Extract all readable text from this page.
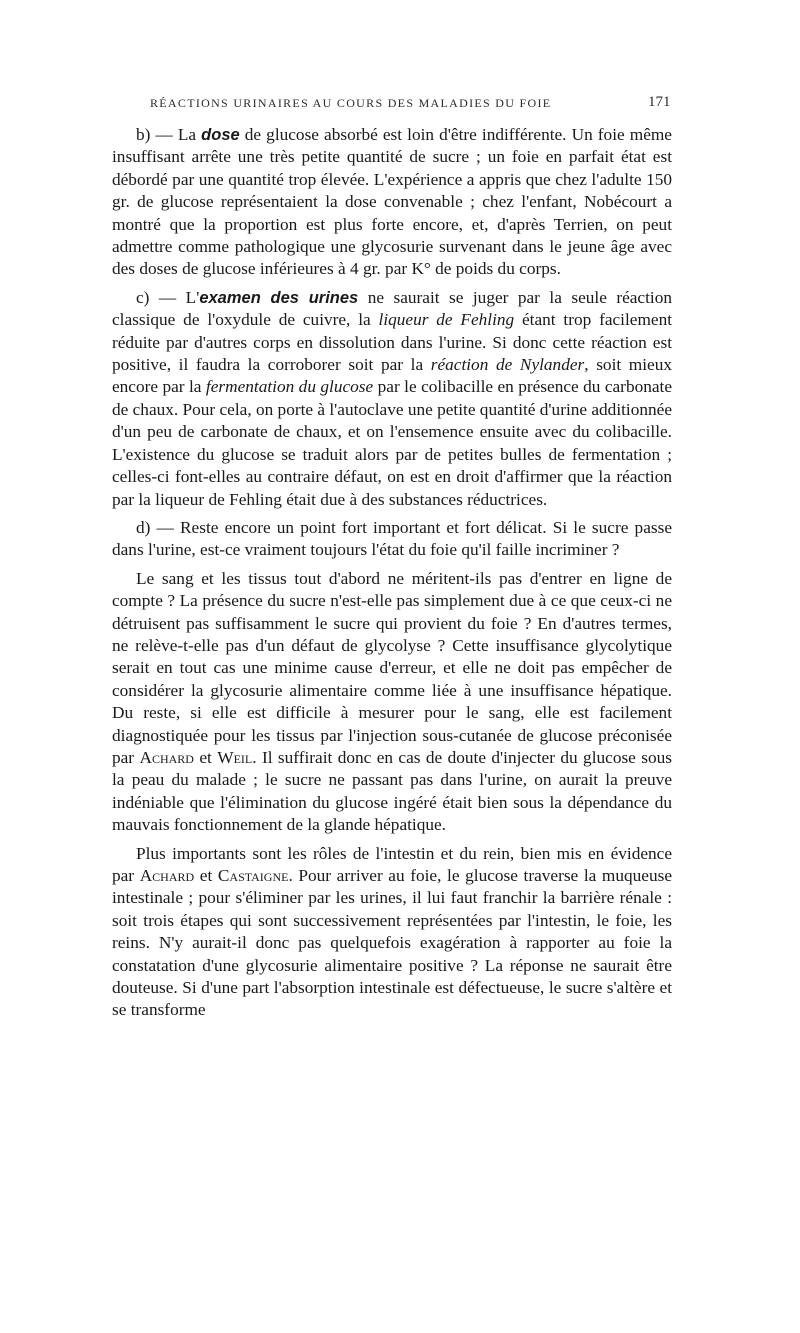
RÉACTIONS URINAIRES AU COURS DES MALADIES DU FOIE	171

b) — La dose de glucose absorbé est loin d'être indifférente. Un foie même insuffisant arrête une très petite quantité de sucre ; un foie en parfait état est débordé par une quantité trop élevée. L'expérience a appris que chez l'adulte 150 gr. de glucose représentaient la dose convenable ; chez l'enfant, Nobécourt a montré que la proportion est plus forte encore, et, d'après Terrien, on peut admettre comme pathologique une glycosurie survenant dans le jeune âge avec des doses de glucose inférieures à 4 gr. par K° de poids du corps.

c) — L'examen des urines ne saurait se juger par la seule réaction classique de l'oxydule de cuivre, la liqueur de Fehling étant trop facilement réduite par d'autres corps en dissolution dans l'urine. Si donc cette réaction est positive, il faudra la corroborer soit par la réaction de Nylander, soit mieux encore par la fermentation du glucose par le colibacille en présence du carbonate de chaux. Pour cela, on porte à l'autoclave une petite quantité d'urine additionnée d'un peu de carbonate de chaux, et on l'ensemence ensuite avec du colibacille. L'existence du glucose se traduit alors par de petites bulles de fermentation ; celles-ci font-elles au contraire défaut, on est en droit d'affirmer que la réaction par la liqueur de Fehling était due à des substances réductrices.

d) — Reste encore un point fort important et fort délicat. Si le sucre passe dans l'urine, est-ce vraiment toujours l'état du foie qu'il faille incriminer ?

Le sang et les tissus tout d'abord ne méritent-ils pas d'entrer en ligne de compte ? La présence du sucre n'est-elle pas simplement due à ce que ceux-ci ne détruisent pas suffisamment le sucre qui provient du foie ? En d'autres termes, ne relève-t-elle pas d'un défaut de glycolyse ? Cette insuffisance glycolytique serait en tout cas une minime cause d'erreur, et elle ne doit pas empêcher de considérer la glycosurie alimentaire comme liée à une insuffisance hépatique. Du reste, si elle est difficile à mesurer pour le sang, elle est facilement diagnostiquée pour les tissus par l'injection sous-cutanée de glucose préconisée par Achard et Weil. Il suffirait donc en cas de doute d'injecter du glucose sous la peau du malade ; le sucre ne passant pas dans l'urine, on aurait la preuve indéniable que l'élimination du glucose ingéré était bien sous la dépendance du mauvais fonctionnement de la glande hépatique.

Plus importants sont les rôles de l'intestin et du rein, bien mis en évidence par Achard et Castaigne. Pour arriver au foie, le glucose traverse la muqueuse intestinale ; pour s'éliminer par les urines, il lui faut franchir la barrière rénale : soit trois étapes qui sont successivement représentées par l'intestin, le foie, les reins. N'y aurait-il donc pas quelquefois exagération à rapporter au foie la constatation d'une glycosurie alimentaire positive ? La réponse ne saurait être douteuse. Si d'une part l'absorption intestinale est défectueuse, le sucre s'altère et se transforme
